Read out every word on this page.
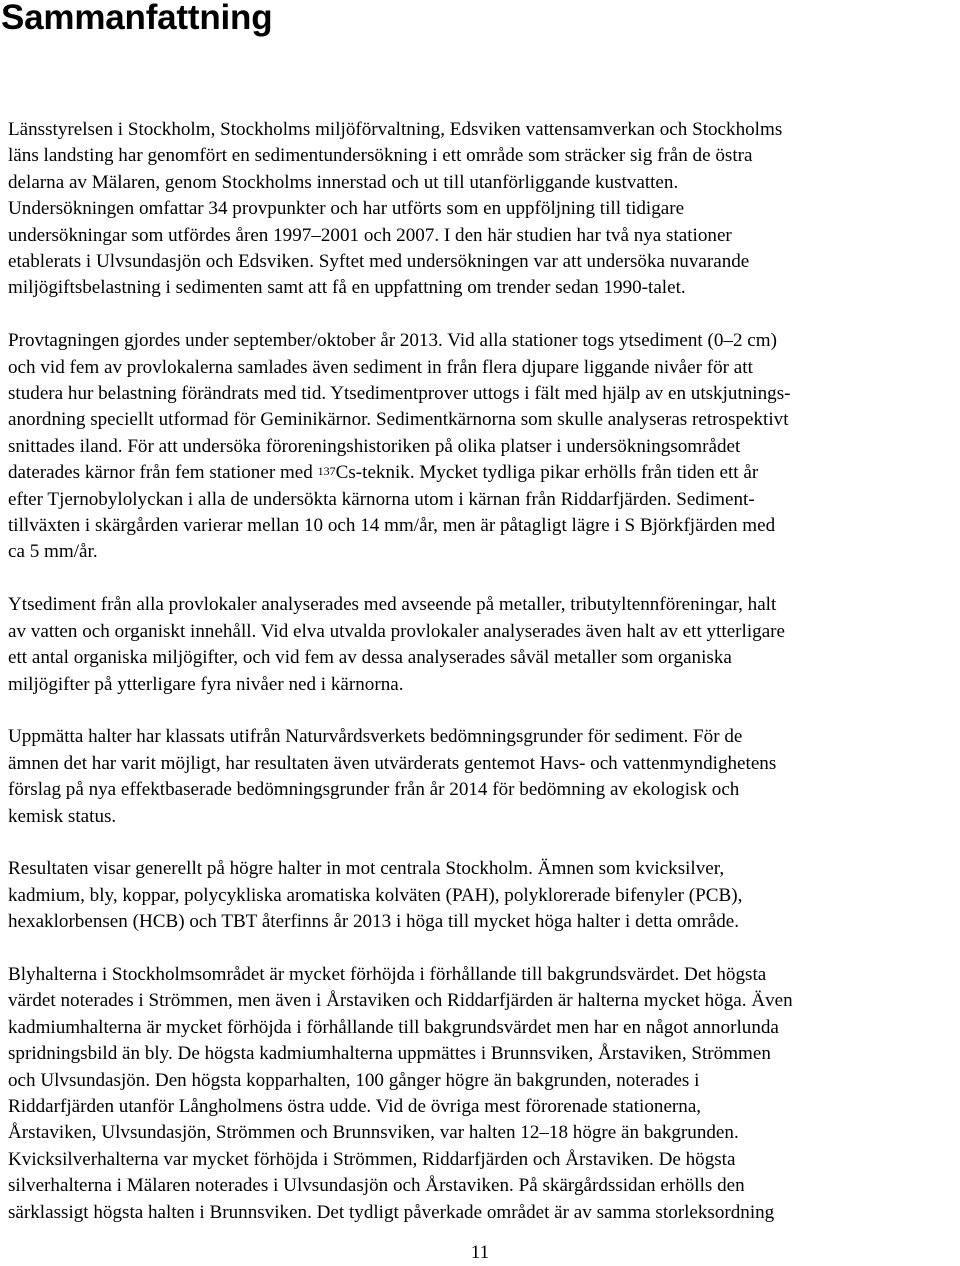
Sammanfattning

Länsstyrelsen i Stockholm, Stockholms miljöförvaltning, Edsviken vattensamverkan och Stockholms
läns landsting har genomfört en sedimentundersökning i ett område som sträcker sig från de östra
delarna av Mälaren, genom Stockholms innerstad och ut till utanförliggande kustvatten.
Undersökningen omfattar 34 provpunkter och har utförts som en uppföljning till tidigare
undersökningar som utfördes åren 1997–2001 och 2007. I den här studien har två nya stationer
etablerats i Ulvsundasjön och Edsviken. Syftet med undersökningen var att undersöka nuvarande
miljögiftsbelastning i sedimenten samt att få en uppfattning om trender sedan 1990-talet.

Provtagningen gjordes under september/oktober år 2013. Vid alla stationer togs ytsediment (0–2 cm)
och vid fem av provlokalerna samlades även sediment in från flera djupare liggande nivåer för att
studera hur belastning förändrats med tid. Ytsedimentprover uttogs i fält med hjälp av en utskjutnings-
anordning speciellt utformad för Geminikärnor. Sedimentkärnorna som skulle analyseras retrospektivt
snittades iland. För att undersöka föroreningshistoriken på olika platser i undersökningsområdet
daterades kärnor från fem stationer med $^{137}$Cs-teknik. Mycket tydliga pikar erhölls från tiden ett år
efter Tjernobylolyckan i alla de undersökta kärnorna utom i kärnan från Riddarfjärden. Sediment-
tillväxten i skärgården varierar mellan 10 och 14 mm/år, men är påtagligt lägre i S Björkfjärden med
ca 5 mm/år.

Ytsediment från alla provlokaler analyserades med avseende på metaller, tributyltennföreningar, halt
av vatten och organiskt innehåll. Vid elva utvalda provlokaler analyserades även halt av ett ytterligare
ett antal organiska miljögifter, och vid fem av dessa analyserades såväl metaller som organiska
miljögifter på ytterligare fyra nivåer ned i kärnorna.

Uppmätta halter har klassats utifrån Naturvårdsverkets bedömningsgrunder för sediment. För de
ämnen det har varit möjligt, har resultaten även utvärderats gentemot Havs- och vattenmyndighetens
förslag på nya effektbaserade bedömningsgrunder från år 2014 för bedömning av ekologisk och
kemisk status.

Resultaten visar generellt på högre halter in mot centrala Stockholm. Ämnen som kvicksilver,
kadmium, bly, koppar, polycykliska aromatiska kolväten (PAH), polyklorerade bifenyler (PCB),
hexaklorbensen (HCB) och TBT återfinns år 2013 i höga till mycket höga halter i detta område.

Blyhalterna i Stockholmsområdet är mycket förhöjda i förhållande till bakgrundsvärdet. Det högsta
värdet noterades i Strömmen, men även i Årstaviken och Riddarfjärden är halterna mycket höga. Även
kadmiumhalterna är mycket förhöjda i förhållande till bakgrundsvärdet men har en något annorlunda
spridningsbild än bly. De högsta kadmiumhalterna uppmättes i Brunnsviken, Årstaviken, Strömmen
och Ulvsundasjön. Den högsta kopparhalten, 100 gånger högre än bakgrunden, noterades i
Riddarfjärden utanför Långholmens östra udde. Vid de övriga mest förorenade stationerna,
Årstaviken, Ulvsundasjön, Strömmen och Brunnsviken, var halten 12–18 högre än bakgrunden.
Kvicksilverhalterna var mycket förhöjda i Strömmen, Riddarfjärden och Årstaviken. De högsta
silverhalterna i Mälaren noterades i Ulvsundasjön och Årstaviken. På skärgårdssidan erhölls den
särklassigt högsta halten i Brunnsviken. Det tydligt påverkade området är av samma storleksordning

11
